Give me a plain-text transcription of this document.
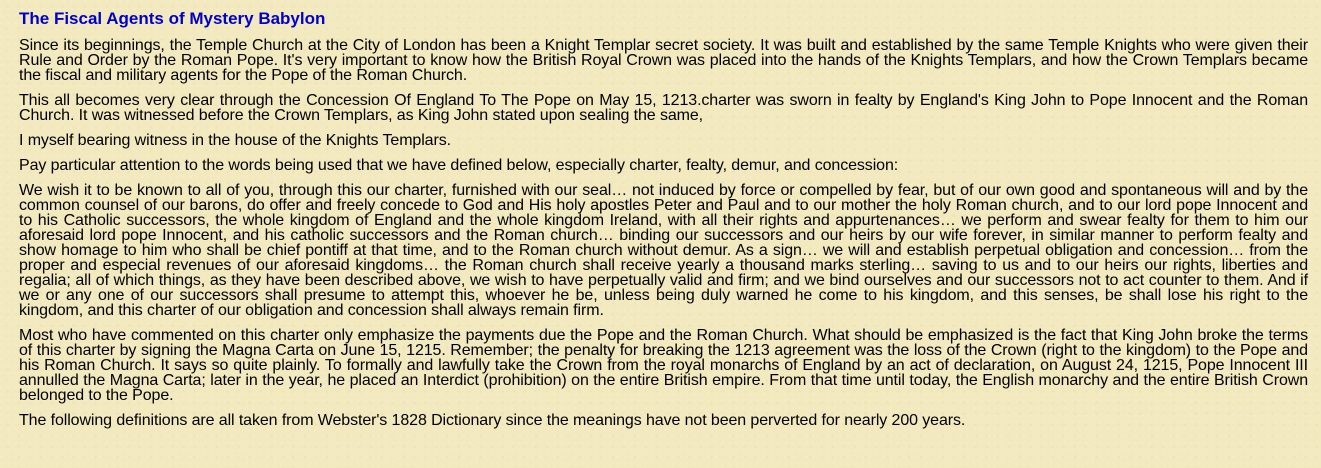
The Fiscal Agents of Mystery Babylon

Since its beginnings, the Temple Church at the City of London has been a Knight Templar secret society. It was built and established by the same Temple Knights who were given their Rule and Order by the Roman Pope. It's very important to know how the British Royal Crown was placed into the hands of the Knights Templars, and how the Crown Templars became the fiscal and military agents for the Pope of the Roman Church.

This all becomes very clear through the Concession Of England To The Pope on May 15, 1213.charter was sworn in fealty by England's King John to Pope Innocent and the Roman Church. It was witnessed before the Crown Templars, as King John stated upon sealing the same,

I myself bearing witness in the house of the Knights Templars.

Pay particular attention to the words being used that we have defined below, especially charter, fealty, demur, and concession:

We wish it to be known to all of you, through this our charter, furnished with our seal… not induced by force or compelled by fear, but of our own good and spontaneous will and by the common counsel of our barons, do offer and freely concede to God and His holy apostles Peter and Paul and to our mother the holy Roman church, and to our lord pope Innocent and to his Catholic successors, the whole kingdom of England and the whole kingdom Ireland, with all their rights and appurtenances… we perform and swear fealty for them to him our aforesaid lord pope Innocent, and his catholic successors and the Roman church… binding our successors and our heirs by our wife forever, in similar manner to perform fealty and show homage to him who shall be chief pontiff at that time, and to the Roman church without demur. As a sign… we will and establish perpetual obligation and concession… from the proper and especial revenues of our aforesaid kingdoms… the Roman church shall receive yearly a thousand marks sterling… saving to us and to our heirs our rights, liberties and regalia; all of which things, as they have been described above, we wish to have perpetually valid and firm; and we bind ourselves and our successors not to act counter to them. And if we or any one of our successors shall presume to attempt this, whoever he be, unless being duly warned he come to his kingdom, and this senses, be shall lose his right to the kingdom, and this charter of our obligation and concession shall always remain firm.

Most who have commented on this charter only emphasize the payments due the Pope and the Roman Church. What should be emphasized is the fact that King John broke the terms of this charter by signing the Magna Carta on June 15, 1215. Remember; the penalty for breaking the 1213 agreement was the loss of the Crown (right to the kingdom) to the Pope and his Roman Church. It says so quite plainly. To formally and lawfully take the Crown from the royal monarchs of England by an act of declaration, on August 24, 1215, Pope Innocent III annulled the Magna Carta; later in the year, he placed an Interdict (prohibition) on the entire British empire. From that time until today, the English monarchy and the entire British Crown belonged to the Pope.

The following definitions are all taken from Webster's 1828 Dictionary since the meanings have not been perverted for nearly 200 years.
